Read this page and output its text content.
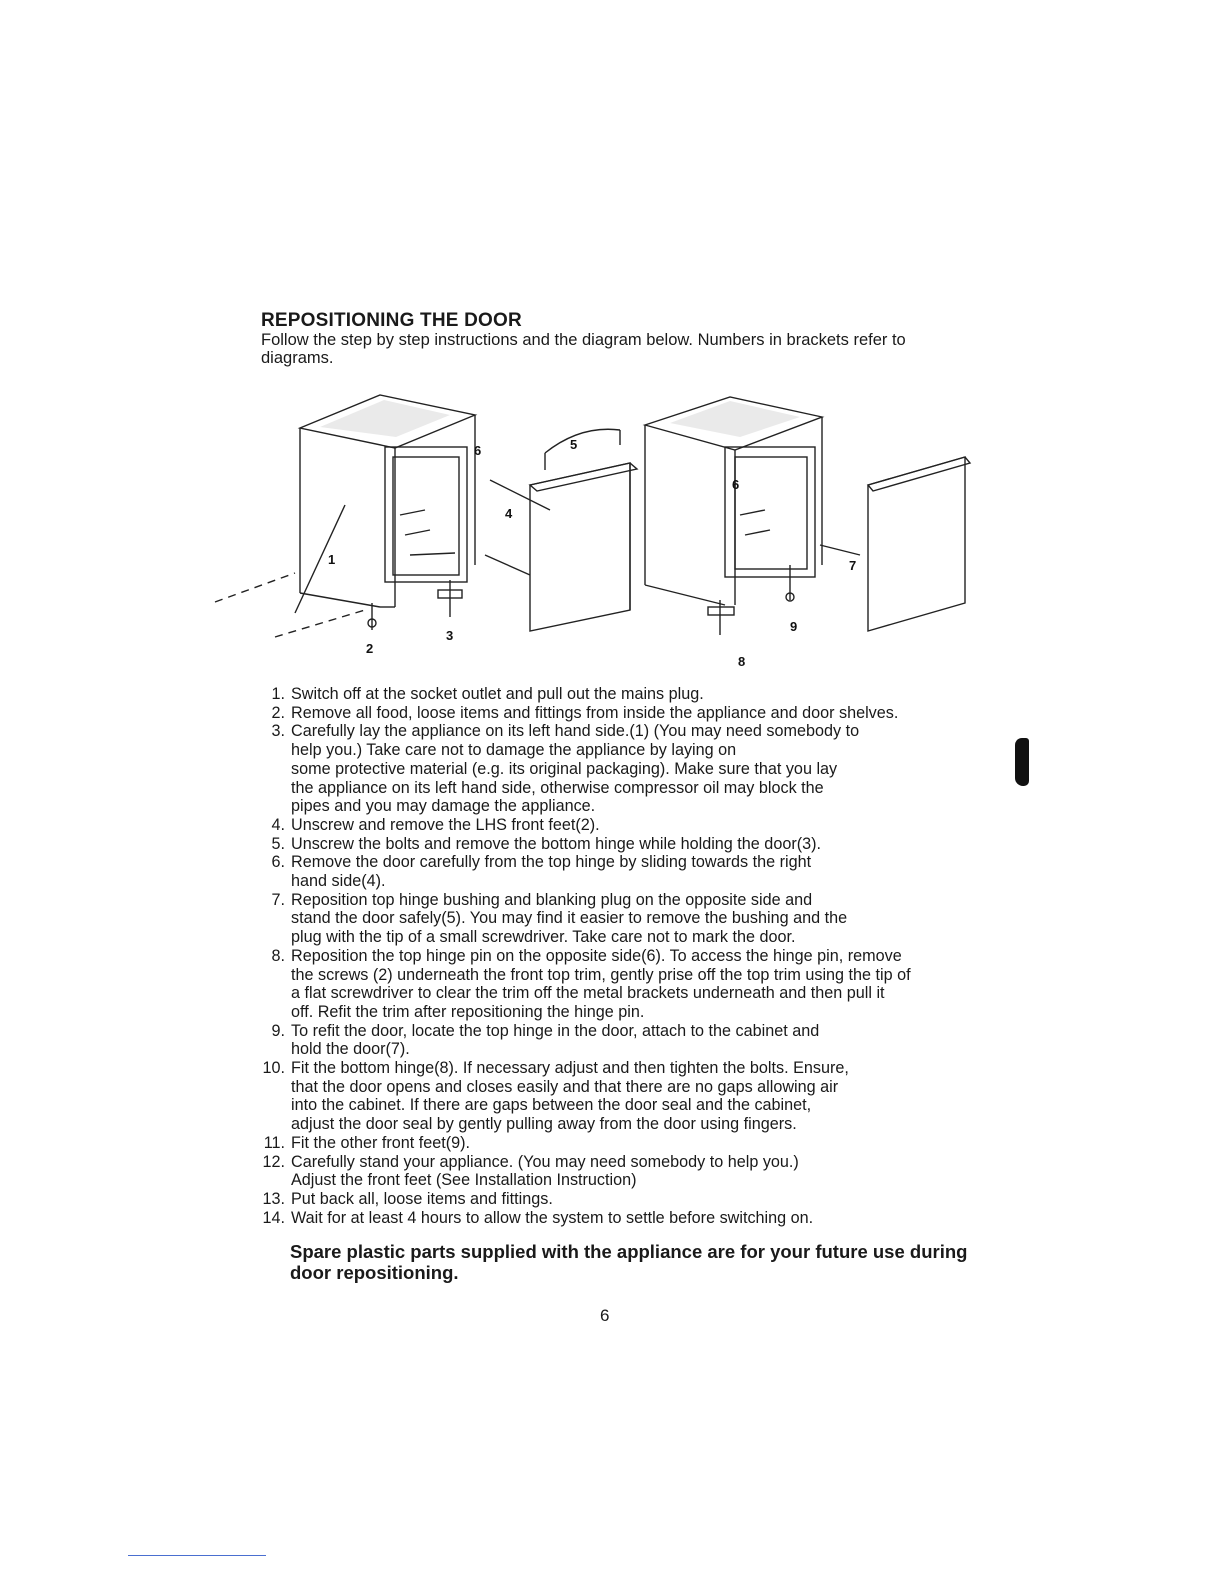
REPOSITIONING THE DOOR

Follow the step by step instructions and the diagram below. Numbers in brackets refer to diagrams.

1
2
3
4
5
6
6
7
8
9
1. Switch off at the socket outlet and pull out the mains plug.
2. Remove all food, loose items and fittings from inside the appliance and door shelves.
3. Carefully lay the appliance on its left hand side.(1) (You may need somebody to
help you.) Take care not to damage the appliance by laying on
some protective material (e.g. its original packaging). Make sure that you lay
the appliance on its left hand side, otherwise compressor oil may block the
pipes and you may damage the appliance.
4. Unscrew and remove the LHS front feet(2).
5. Unscrew the bolts and remove the bottom hinge while holding the door(3).
6. Remove the door carefully from the top hinge by sliding towards the right
hand side(4).
7. Reposition top hinge bushing and blanking plug on the opposite side and
stand the door safely(5). You may find it easier to remove the bushing and the
plug with the tip of a small screwdriver. Take care not to mark the door.
8. Reposition the top hinge pin on the opposite side(6). To access the hinge pin, remove
the screws (2) underneath the front top trim, gently prise off the top trim using the tip of
a flat screwdriver to clear the trim off the metal brackets underneath and then pull it
off. Refit the trim after repositioning the hinge pin.
9. To refit the door, locate the top hinge in the door, attach to the cabinet and
hold the door(7).
10. Fit the bottom hinge(8). If necessary adjust and then tighten the bolts. Ensure,
that the door opens and closes easily and that there are no gaps allowing air
into the cabinet. If there are gaps between the door seal and the cabinet,
adjust the door seal by gently pulling away from the door using fingers.
11. Fit the other front feet(9).
12. Carefully stand your appliance. (You may need somebody to help you.)
Adjust the front feet (See Installation Instruction)
13. Put back all, loose items and fittings.
14. Wait for at least 4 hours to allow the system to settle before switching on.

Spare plastic parts supplied with the appliance are for your future use during door repositioning.

6
